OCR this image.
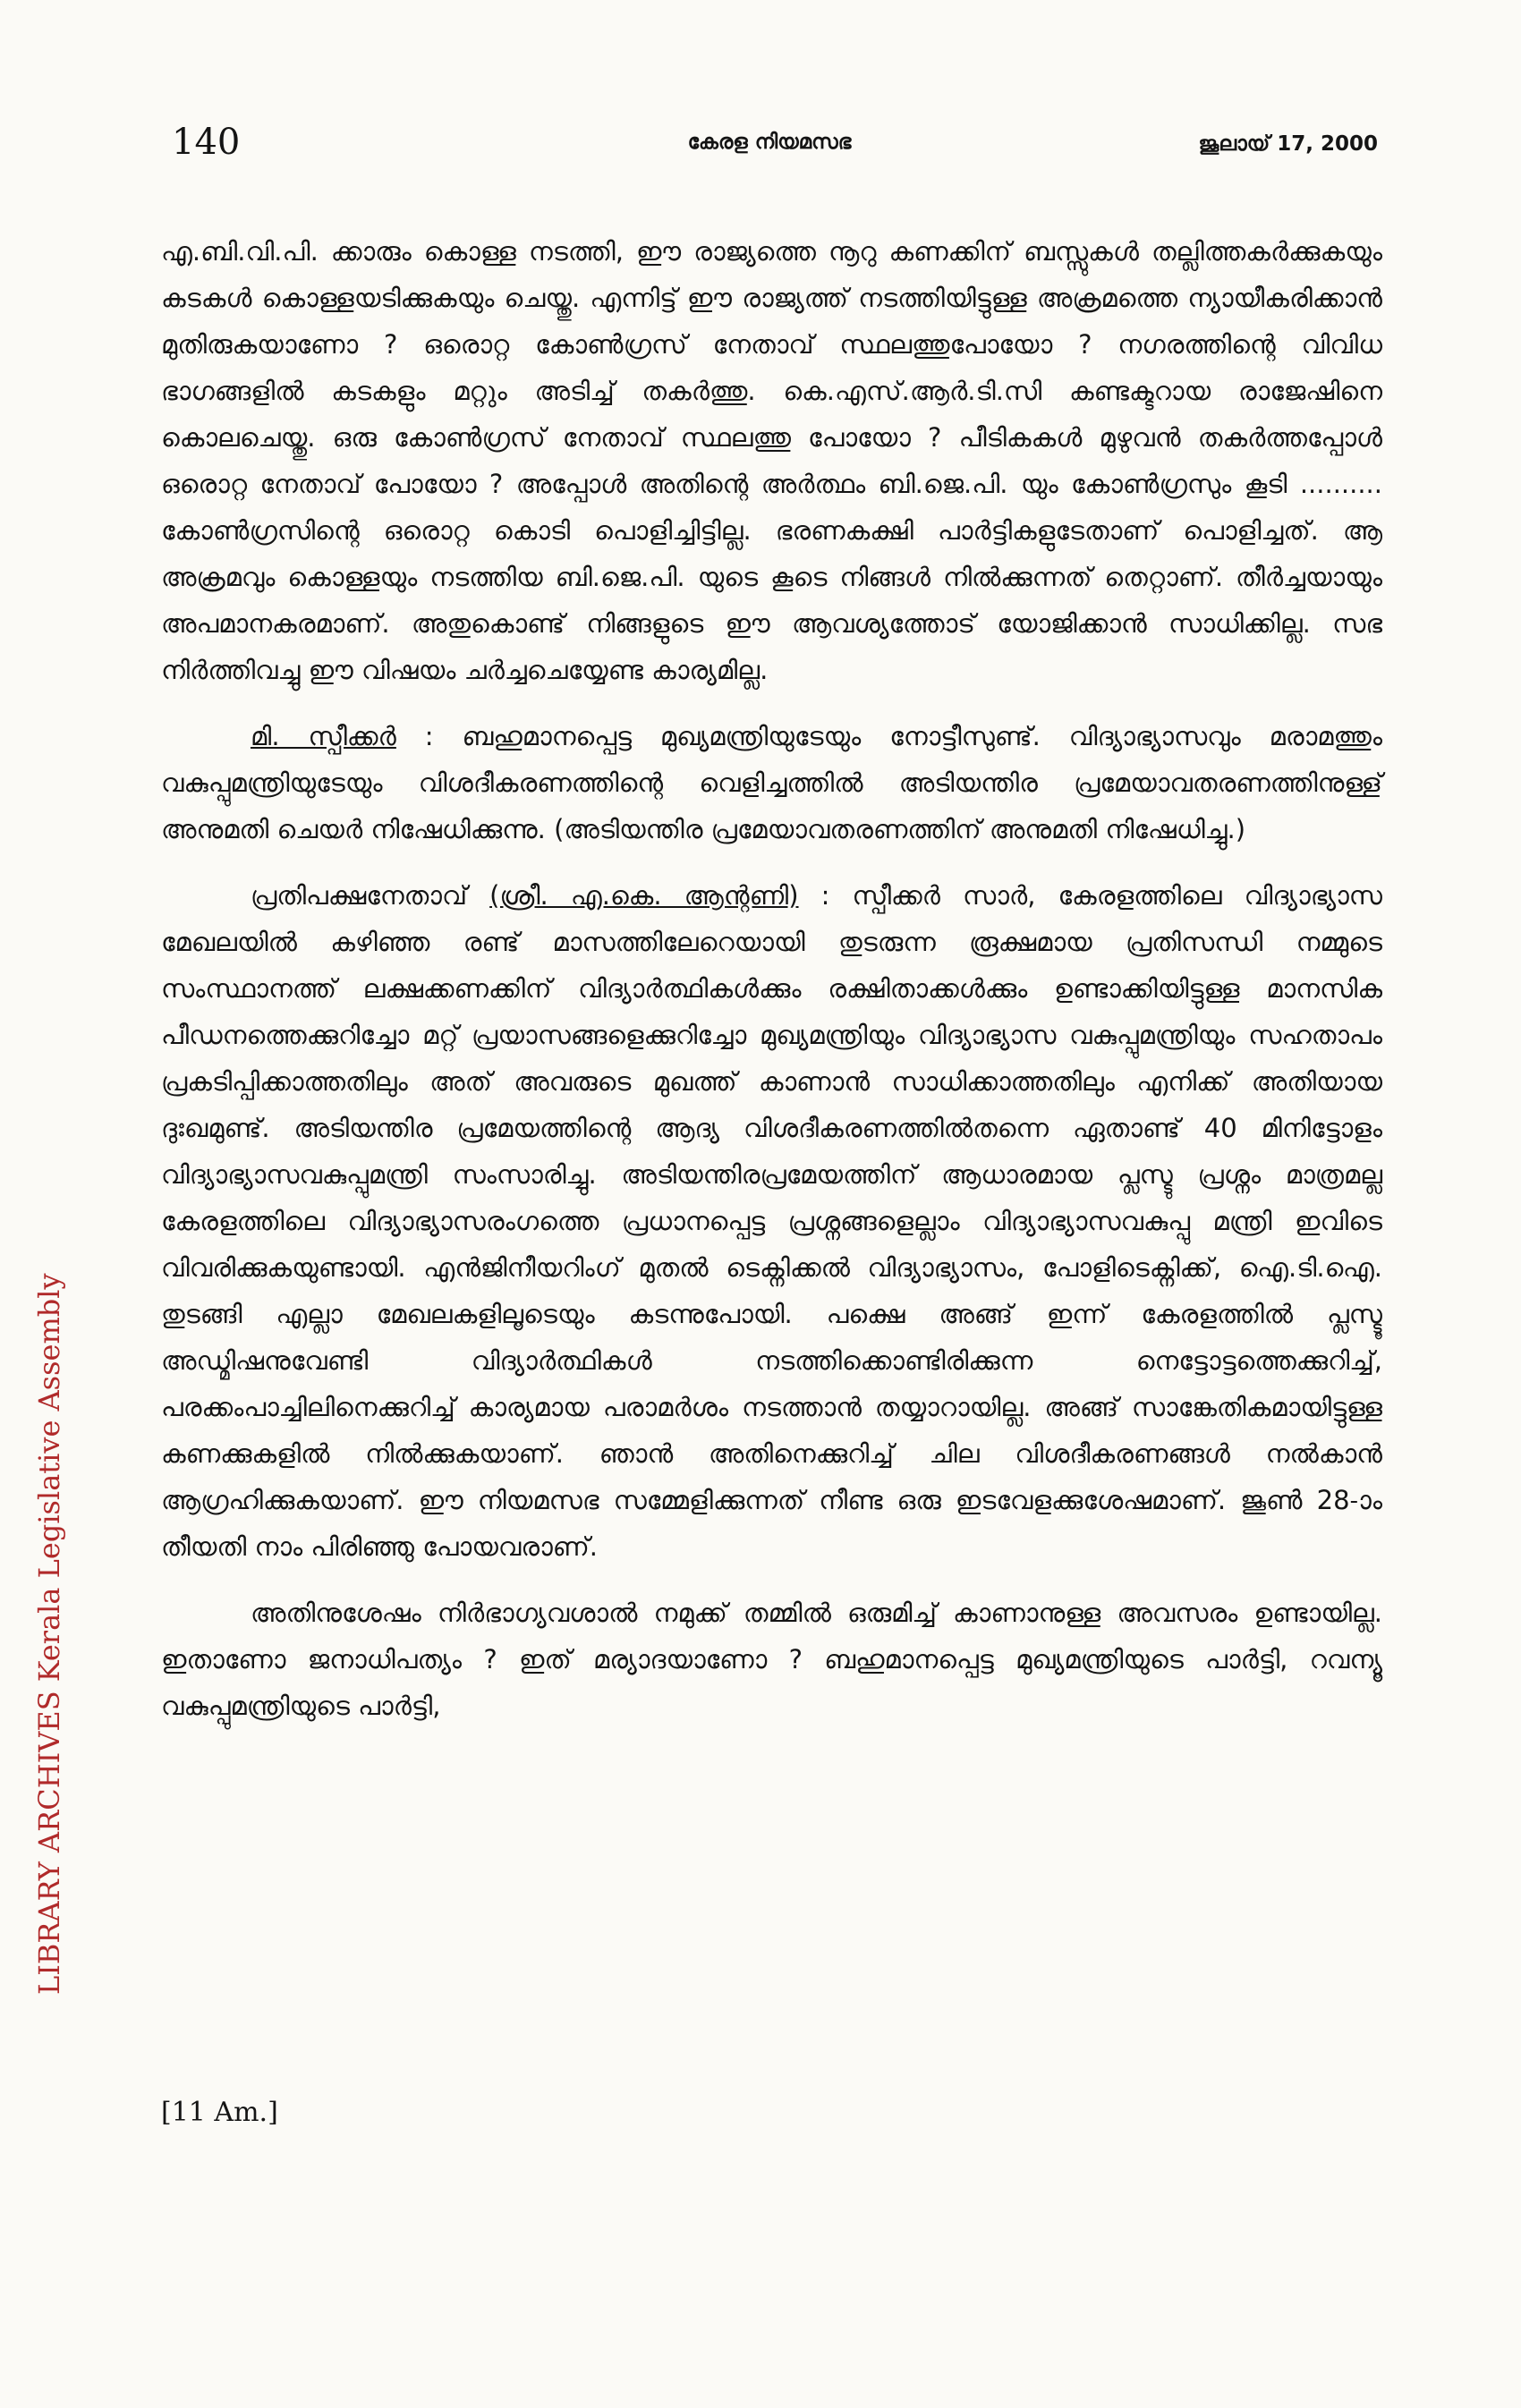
140	കേരള നിയമസഭ	ജൂലായ് 17, 2000
LIBRARY ARCHIVES Kerala Legislative Assembly

എ.ബി.വി.പി. ക്കാരും കൊള്ള നടത്തി, ഈ രാജ്യത്തെ നൂറു കണക്കിന് ബസ്സുകൾ തല്ലിത്തകർക്കുകയും കടകൾ കൊള്ളയടിക്കുകയും ചെയ്തു. എന്നിട്ട് ഈ രാജ്യത്ത് നടത്തിയിട്ടുള്ള അക്രമത്തെ ന്യായീകരിക്കാൻ മുതിരുകയാണോ ? ഒരൊറ്റ കോൺഗ്രസ് നേതാവ് സ്ഥലത്തുപോയോ ? നഗരത്തിന്റെ വിവിധ ഭാഗങ്ങളിൽ കടകളും മറ്റും അടിച്ച് തകർത്തു. കെ.എസ്.ആർ.ടി.സി കണ്ടക്ടറായ രാജേഷിനെ കൊലചെയ്തു. ഒരു കോൺഗ്രസ് നേതാവ് സ്ഥലത്തു പോയോ ? പീടികകൾ മുഴുവൻ തകർത്തപ്പോൾ ഒരൊറ്റ നേതാവ് പോയോ ? അപ്പോൾ അതിന്റെ അർത്ഥം ബി.ജെ.പി. യും കോൺഗ്രസും കൂടി .......... കോൺഗ്രസിന്റെ ഒരൊറ്റ കൊടി പൊളിച്ചിട്ടില്ല. ഭരണകക്ഷി പാർട്ടികളുടേതാണ് പൊളിച്ചത്. ആ അക്രമവും കൊള്ളയും നടത്തിയ ബി.ജെ.പി. യുടെ കൂടെ നിങ്ങൾ നിൽക്കുന്നത് തെറ്റാണ്. തീർച്ചയായും അപമാനകരമാണ്. അതുകൊണ്ട് നിങ്ങളുടെ ഈ ആവശ്യത്തോട് യോജിക്കാൻ സാധിക്കില്ല. സഭ നിർത്തിവച്ചു ഈ വിഷയം ചർച്ചചെയ്യേണ്ട കാര്യമില്ല.

മി. സ്പീക്കർ : ബഹുമാനപ്പെട്ട മുഖ്യമന്ത്രിയുടേയും നോട്ടീസുണ്ട്. വിദ്യാഭ്യാസവും മരാമത്തും വകുപ്പുമന്ത്രിയുടേയും വിശദീകരണത്തിന്റെ വെളിച്ചത്തിൽ അടിയന്തിര പ്രമേയാവതരണത്തിനുള്ള് അനുമതി ചെയർ നിഷേധിക്കുന്നു. (അടിയന്തിര പ്രമേയാവതരണത്തിന് അനുമതി നിഷേധിച്ചു.)

പ്രതിപക്ഷനേതാവ് (ശ്രീ. എ.കെ. ആന്റണി) : സ്പീക്കർ സാർ, കേരളത്തിലെ വിദ്യാഭ്യാസ മേഖലയിൽ കഴിഞ്ഞ രണ്ട് മാസത്തിലേറെയായി തുടരുന്ന രൂക്ഷമായ പ്രതിസന്ധി നമ്മുടെ സംസ്ഥാനത്ത് ലക്ഷക്കണക്കിന് വിദ്യാർത്ഥികൾക്കും രക്ഷിതാക്കൾക്കും ഉണ്ടാക്കിയിട്ടുള്ള മാനസിക പീഡനത്തെക്കുറിച്ചോ മറ്റ് പ്രയാസങ്ങളെക്കുറിച്ചോ മുഖ്യമന്ത്രിയും വിദ്യാഭ്യാസ വകുപ്പുമന്ത്രിയും സഹതാപം പ്രകടിപ്പിക്കാത്തതിലും അത് അവരുടെ മുഖത്ത് കാണാൻ സാധിക്കാത്തതിലും എനിക്ക് അതിയായ ദുഃഖമുണ്ട്. അടിയന്തിര പ്രമേയത്തിന്റെ ആദ്യ വിശദീകരണത്തിൽതന്നെ ഏതാണ്ട് 40 മിനിട്ടോളം വിദ്യാഭ്യാസവകുപ്പുമന്ത്രി സംസാരിച്ചു. അടിയന്തിരപ്രമേയത്തിന് ആധാരമായ പ്ലസ്ടു പ്രശ്നം മാത്രമല്ല കേരളത്തിലെ വിദ്യാഭ്യാസരംഗത്തെ പ്രധാനപ്പെട്ട പ്രശ്നങ്ങളെല്ലാം വിദ്യാഭ്യാസവകുപ്പു മന്ത്രി ഇവിടെ വിവരിക്കുകയുണ്ടായി. എൻജിനീയറിംഗ് മുതൽ ടെക്നിക്കൽ വിദ്യാഭ്യാസം, പോളിടെക്നിക്ക്, ഐ.ടി.ഐ. തുടങ്ങി എല്ലാ മേഖലകളിലൂടെയും കടന്നുപോയി. പക്ഷെ അങ്ങ് ഇന്ന് കേരളത്തിൽ പ്ലസ്ടൂ അഡ്മിഷനുവേണ്ടി വിദ്യാർത്ഥികൾ നടത്തിക്കൊണ്ടിരിക്കുന്ന നെട്ടോട്ടത്തെക്കുറിച്ച്, പരക്കംപാച്ചിലിനെക്കുറിച്ച് കാര്യമായ പരാമർശം നടത്താൻ തയ്യാറായില്ല. അങ്ങ് സാങ്കേതികമായിട്ടുള്ള കണക്കുകളിൽ നിൽക്കുകയാണ്. ഞാൻ അതിനെക്കുറിച്ച് ചില വിശദീകരണങ്ങൾ നൽകാൻ ആഗ്രഹിക്കുകയാണ്. ഈ നിയമസഭ സമ്മേളിക്കുന്നത് നീണ്ട ഒരു ഇടവേളക്കുശേഷമാണ്. ജൂൺ 28-ാം തീയതി നാം പിരിഞ്ഞു പോയവരാണ്.

അതിനുശേഷം നിർഭാഗ്യവശാൽ നമുക്ക് തമ്മിൽ ഒരുമിച്ച് കാണാനുള്ള അവസരം ഉണ്ടായില്ല. ഇതാണോ ജനാധിപത്യം ? ഇത് മര്യാദയാണോ ? ബഹുമാനപ്പെട്ട മുഖ്യമന്ത്രിയുടെ പാർട്ടി, റവന്യൂ വകുപ്പുമന്ത്രിയുടെ പാർട്ടി,

[11 Am.]
